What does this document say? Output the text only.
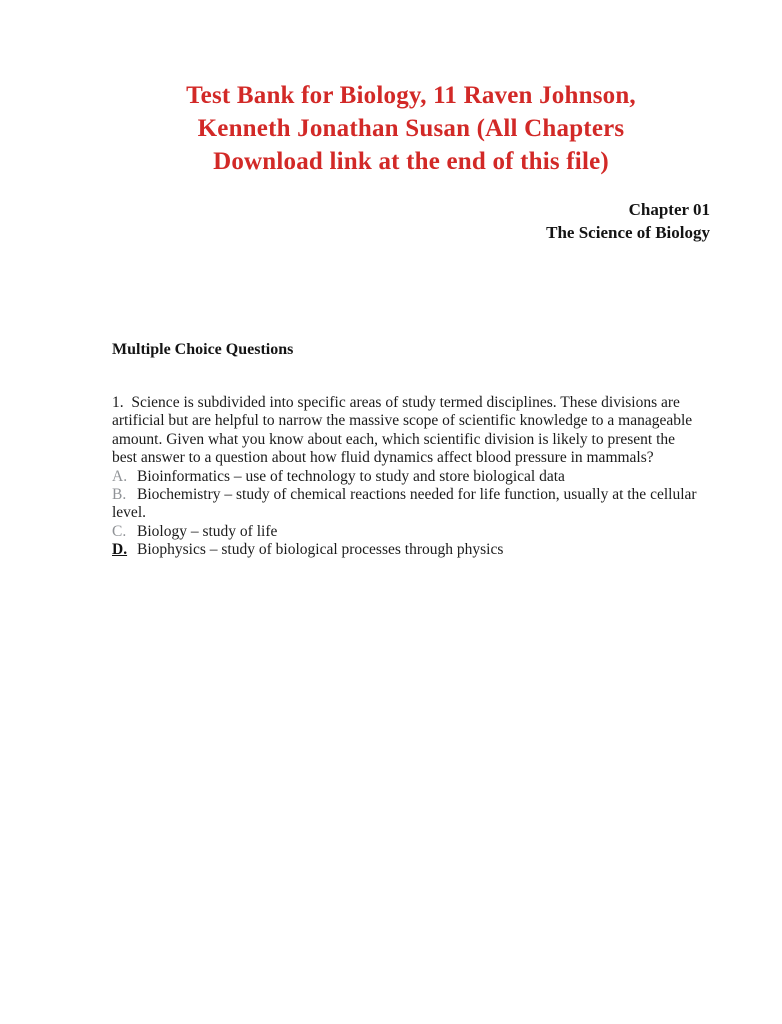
Test Bank for Biology, 11 Raven Johnson,
Kenneth Jonathan Susan (All Chapters
Download link at the end of this file)
Chapter 01
The Science of Biology
Multiple Choice Questions
1.  Science is subdivided into specific areas of study termed disciplines. These divisions are
artificial but are helpful to narrow the massive scope of scientific knowledge to a manageable
amount. Given what you know about each, which scientific division is likely to present the
best answer to a question about how fluid dynamics affect blood pressure in mammals?
A. Bioinformatics – use of technology to study and store biological data
B. Biochemistry – study of chemical reactions needed for life function, usually at the cellular
level.
C. Biology – study of life
D. Biophysics – study of biological processes through physics
